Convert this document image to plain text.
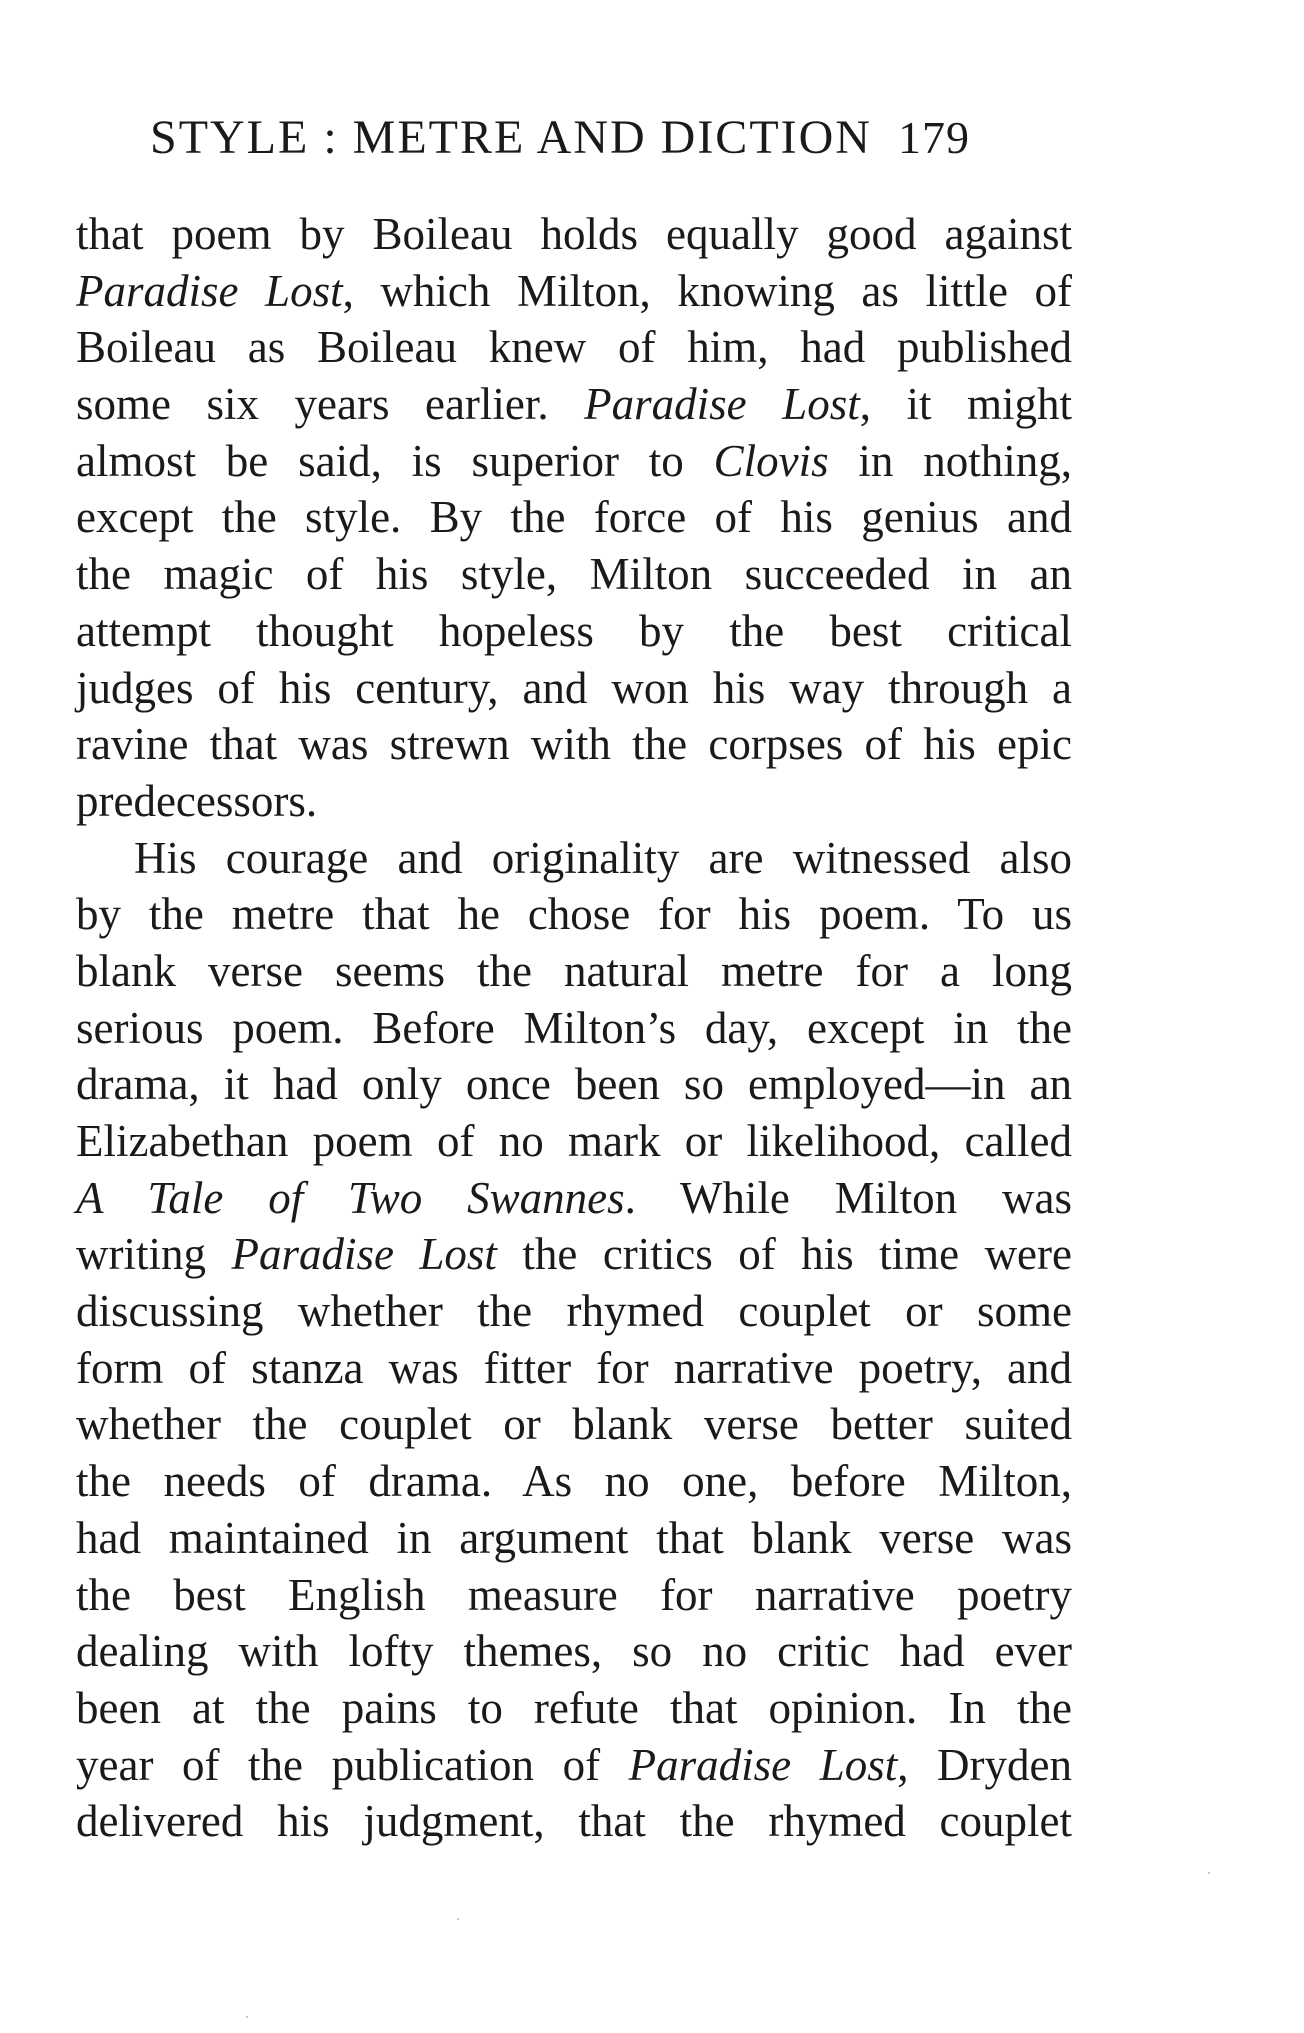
STYLE : METRE AND DICTION 179
that poem by Boileau holds equally good against
Paradise Lost, which Milton, knowing as little of
Boileau as Boileau knew of him, had published
some six years earlier. Paradise Lost, it might
almost be said, is superior to Clovis in nothing,
except the style. By the force of his genius and
the magic of his style, Milton succeeded in an
attempt thought hopeless by the best critical
judges of his century, and won his way through a
ravine that was strewn with the corpses of his epic
predecessors.
His courage and originality are witnessed also
by the metre that he chose for his poem. To us
blank verse seems the natural metre for a long
serious poem. Before Milton’s day, except in the
drama, it had only once been so employed—in an
Elizabethan poem of no mark or likelihood, called
A Tale of Two Swannes. While Milton was
writing Paradise Lost the critics of his time were
discussing whether the rhymed couplet or some
form of stanza was fitter for narrative poetry, and
whether the couplet or blank verse better suited
the needs of drama. As no one, before Milton,
had maintained in argument that blank verse was
the best English measure for narrative poetry
dealing with lofty themes, so no critic had ever
been at the pains to refute that opinion. In the
year of the publication of Paradise Lost, Dryden
delivered his judgment, that the rhymed couplet
